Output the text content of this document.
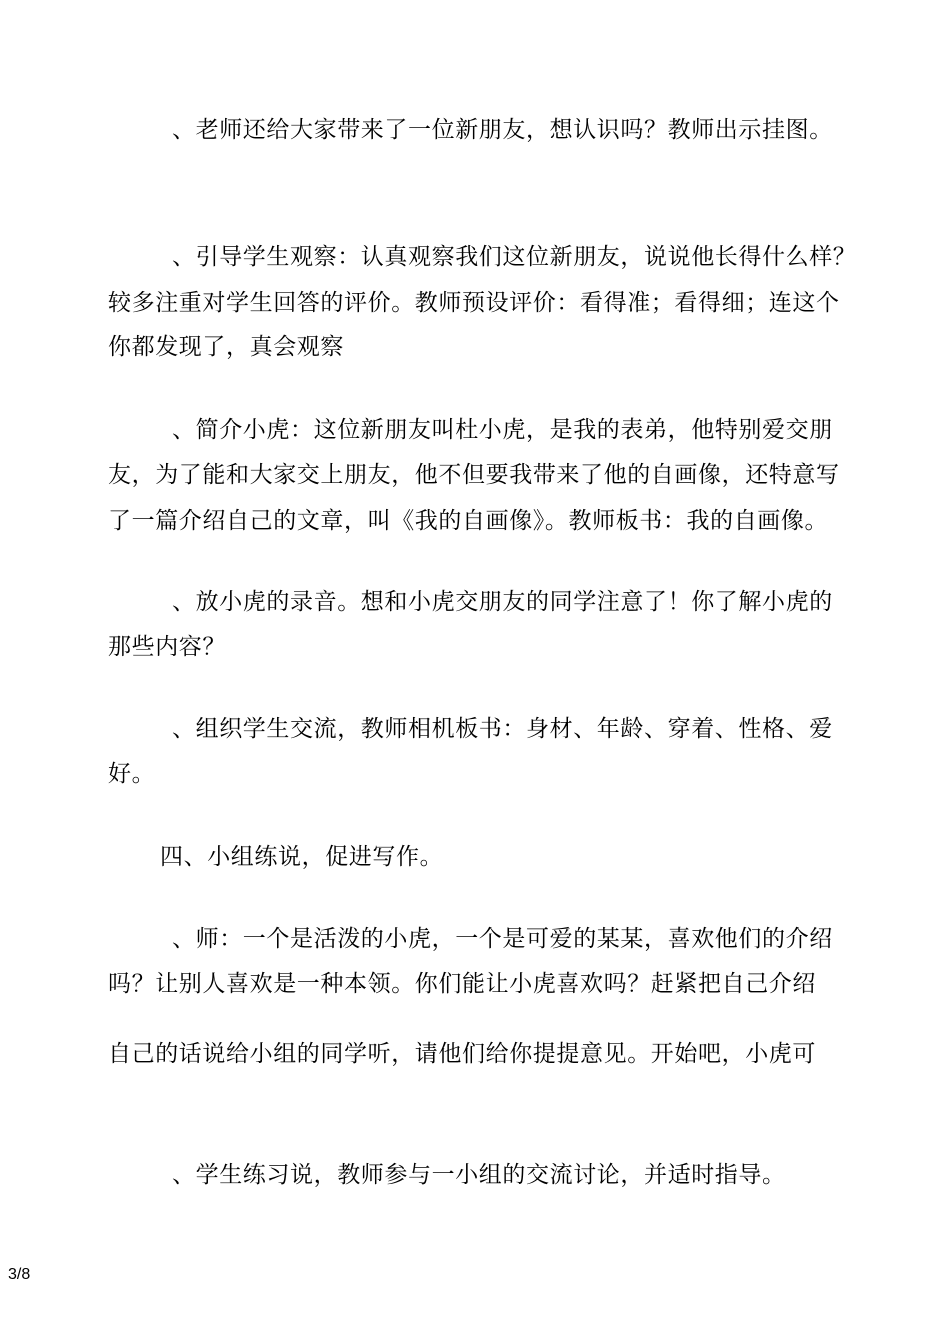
、老师还给大家带来了一位新朋友，想认识吗？教师出示挂图。
、引导学生观察：认真观察我们这位新朋友，说说他长得什么样？
较多注重对学生回答的评价。教师预设评价：看得准；看得细；连这个
你都发现了，真会观察
、简介小虎：这位新朋友叫杜小虎，是我的表弟，他特别爱交朋
友，为了能和大家交上朋友，他不但要我带来了他的自画像，还特意写
了一篇介绍自己的文章，叫《我的自画像》。教师板书：我的自画像。
、放小虎的录音。想和小虎交朋友的同学注意了！你了解小虎的
那些内容？
、组织学生交流，教师相机板书：身材、年龄、穿着、性格、爱
好。
四、小组练说，促进写作。
、师：一个是活泼的小虎，一个是可爱的某某，喜欢他们的介绍
吗？让别人喜欢是一种本领。你们能让小虎喜欢吗？赶紧把自己介绍
自己的话说给小组的同学听，请他们给你提提意见。开始吧，小虎可
、学生练习说，教师参与一小组的交流讨论，并适时指导。
3/8
